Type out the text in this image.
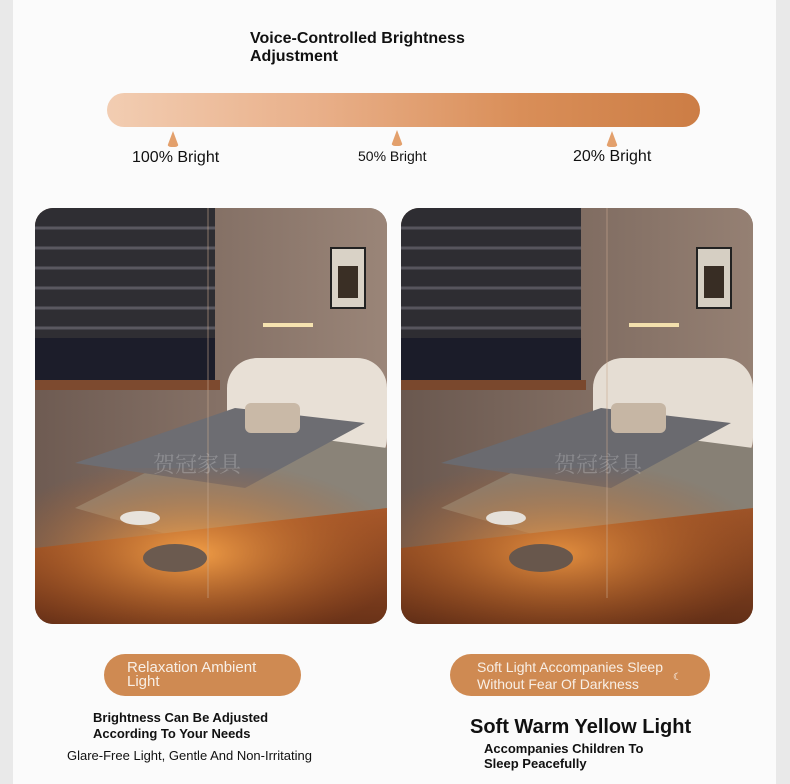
Voice-Controlled Brightness
Adjustment
100% Bright	50% Bright	20% Bright
贺冠家具	贺冠家具
Relaxation Ambient
Light
Soft Light Accompanies Sleep
Without Fear Of Darkness	☾
Brightness Can Be Adjusted
According To Your Needs
Glare-Free Light, Gentle And Non-Irritating
Soft Warm Yellow Light
Accompanies Children To
Sleep Peacefully
